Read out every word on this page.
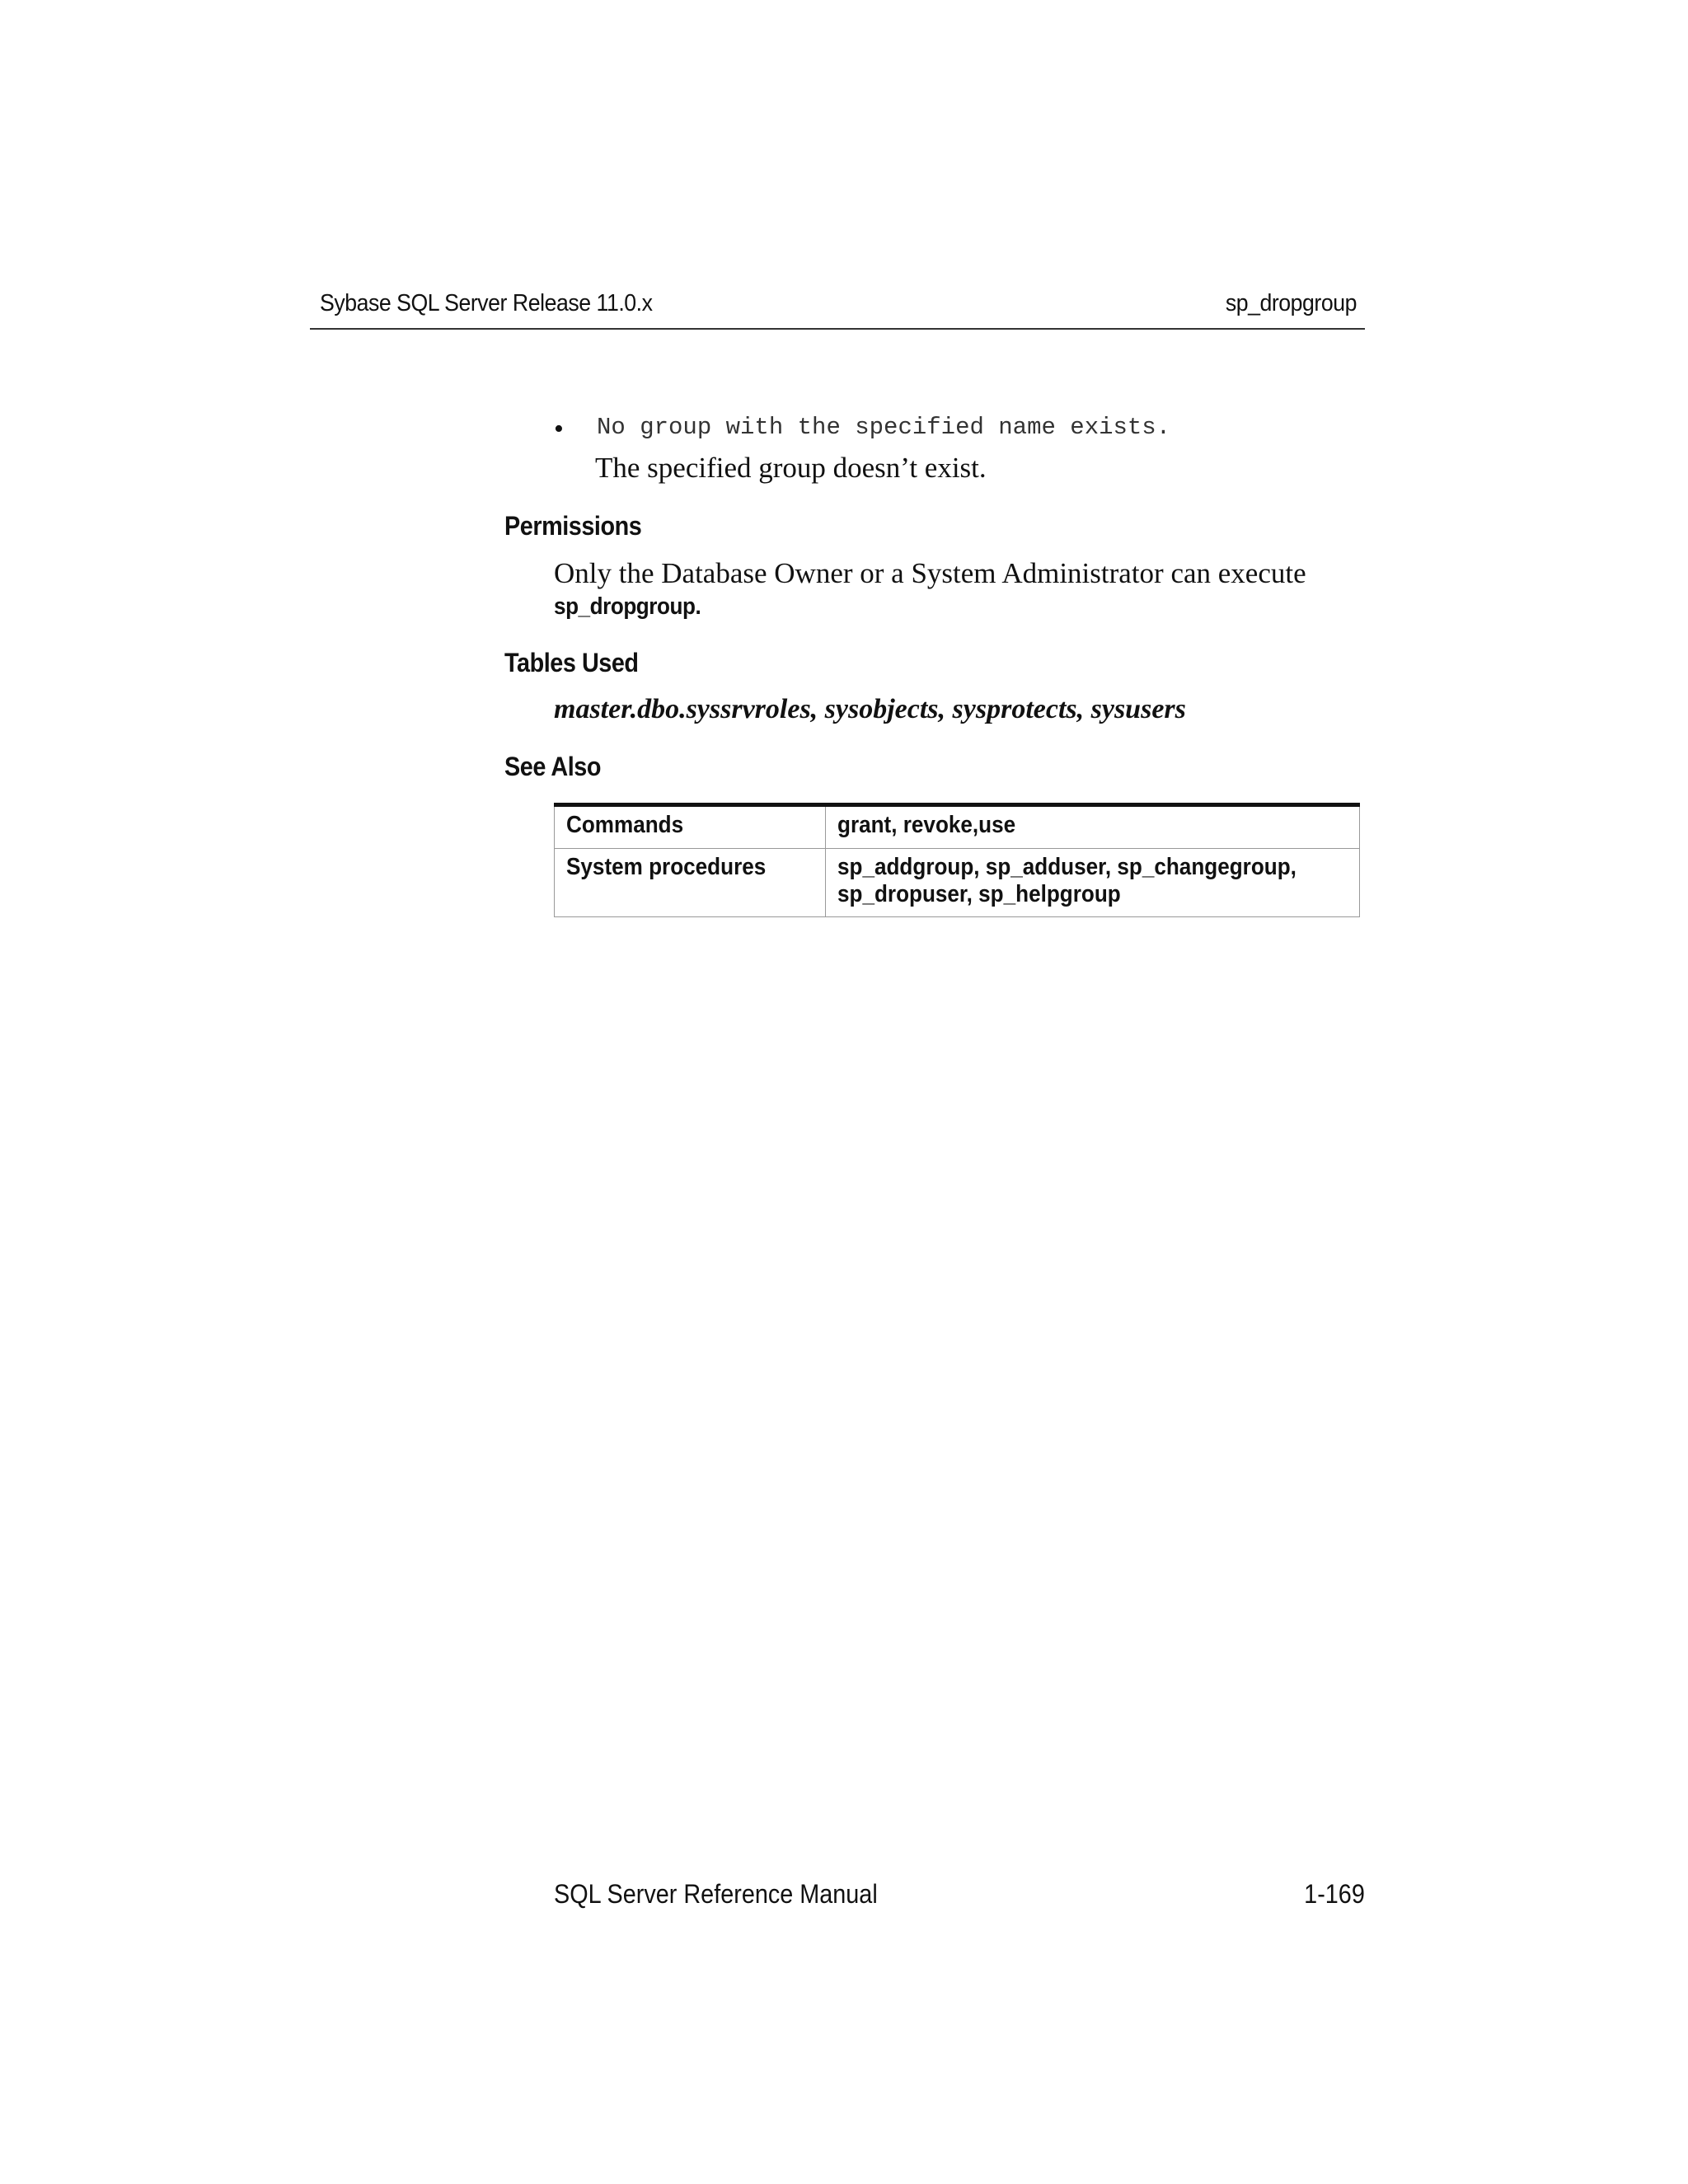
Sybase SQL Server Release 11.0.x	sp_dropgroup
• No group with the specified name exists.
The specified group doesn’t exist.
Permissions
Only the Database Owner or a System Administrator can execute
sp_dropgroup.
Tables Used
master.dbo.syssrvroles, sysobjects, sysprotects, sysusers
See Also
Commands	grant, revoke,use
System procedures	sp_addgroup, sp_adduser, sp_changegroup,
sp_dropuser, sp_helpgroup
SQL Server Reference Manual	1-169
